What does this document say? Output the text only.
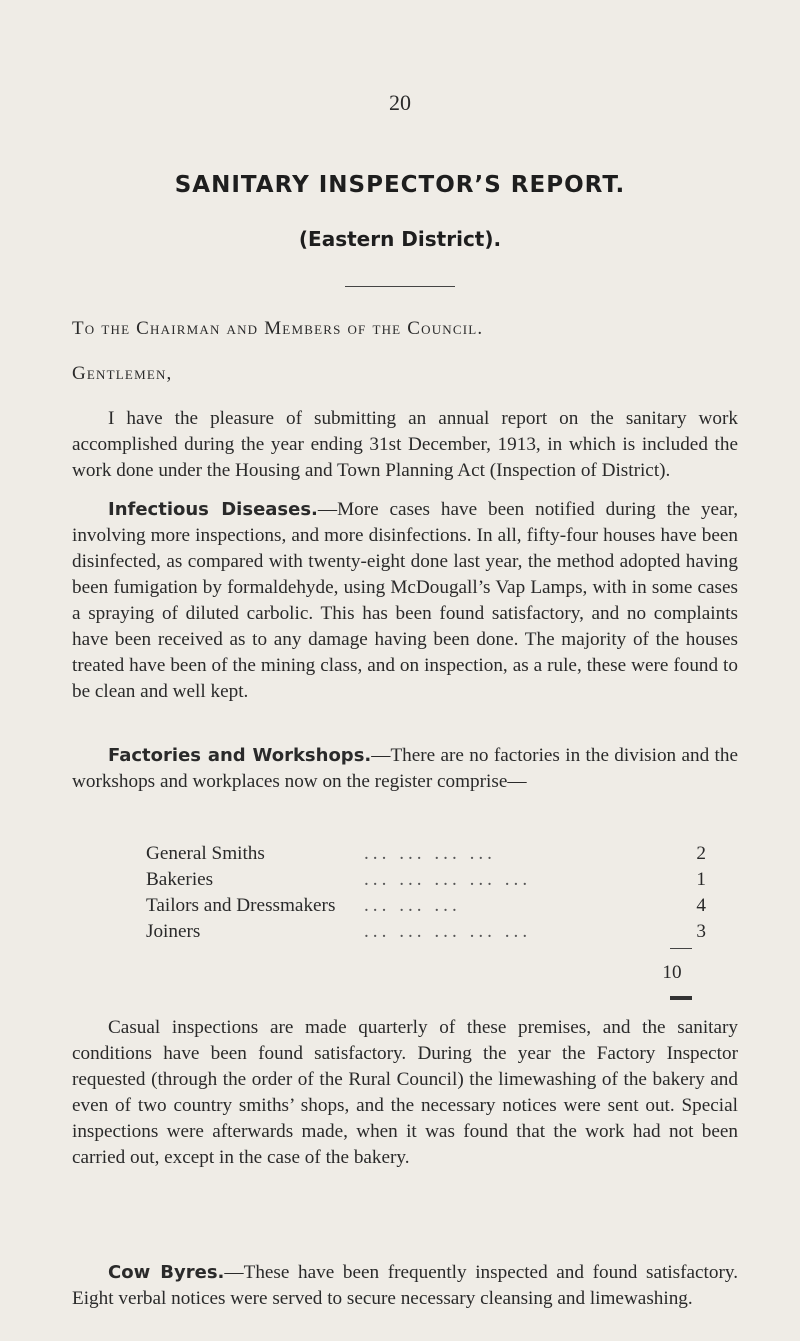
20
SANITARY INSPECTOR’S REPORT.
(Eastern District).
To the Chairman and Members of the Council.
Gentlemen,
I have the pleasure of submitting an annual report on the sanitary work accomplished during the year ending 31st December, 1913, in which is included the work done under the Housing and Town Planning Act (Inspection of District).
Infectious Diseases.—More cases have been notified during the year, involving more inspections, and more disinfections. In all, fifty-four houses have been disinfected, as compared with twenty-eight done last year, the method adopted having been fumigation by formaldehyde, using McDougall’s Vap Lamps, with in some cases a spraying of diluted carbolic. This has been found satisfactory, and no complaints have been received as to any damage having been done. The majority of the houses treated have been of the mining class, and on inspection, as a rule, these were found to be clean and well kept.
Factories and Workshops.—There are no factories in the division and the workshops and workplaces now on the register comprise—
General Smiths	... ... ... ...	2
Bakeries	... ... ... ... ...	1
Tailors and Dressmakers ... ... ...	4
Joiners	... ... ... ... ...	3
10
Casual inspections are made quarterly of these premises, and the sanitary conditions have been found satisfactory. During the year the Factory Inspector requested (through the order of the Rural Council) the limewashing of the bakery and even of two country smiths’ shops, and the necessary notices were sent out. Special inspections were afterwards made, when it was found that the work had not been carried out, except in the case of the bakery.
Cow Byres.—These have been frequently inspected and found satisfactory. Eight verbal notices were served to secure necessary cleansing and limewashing.
